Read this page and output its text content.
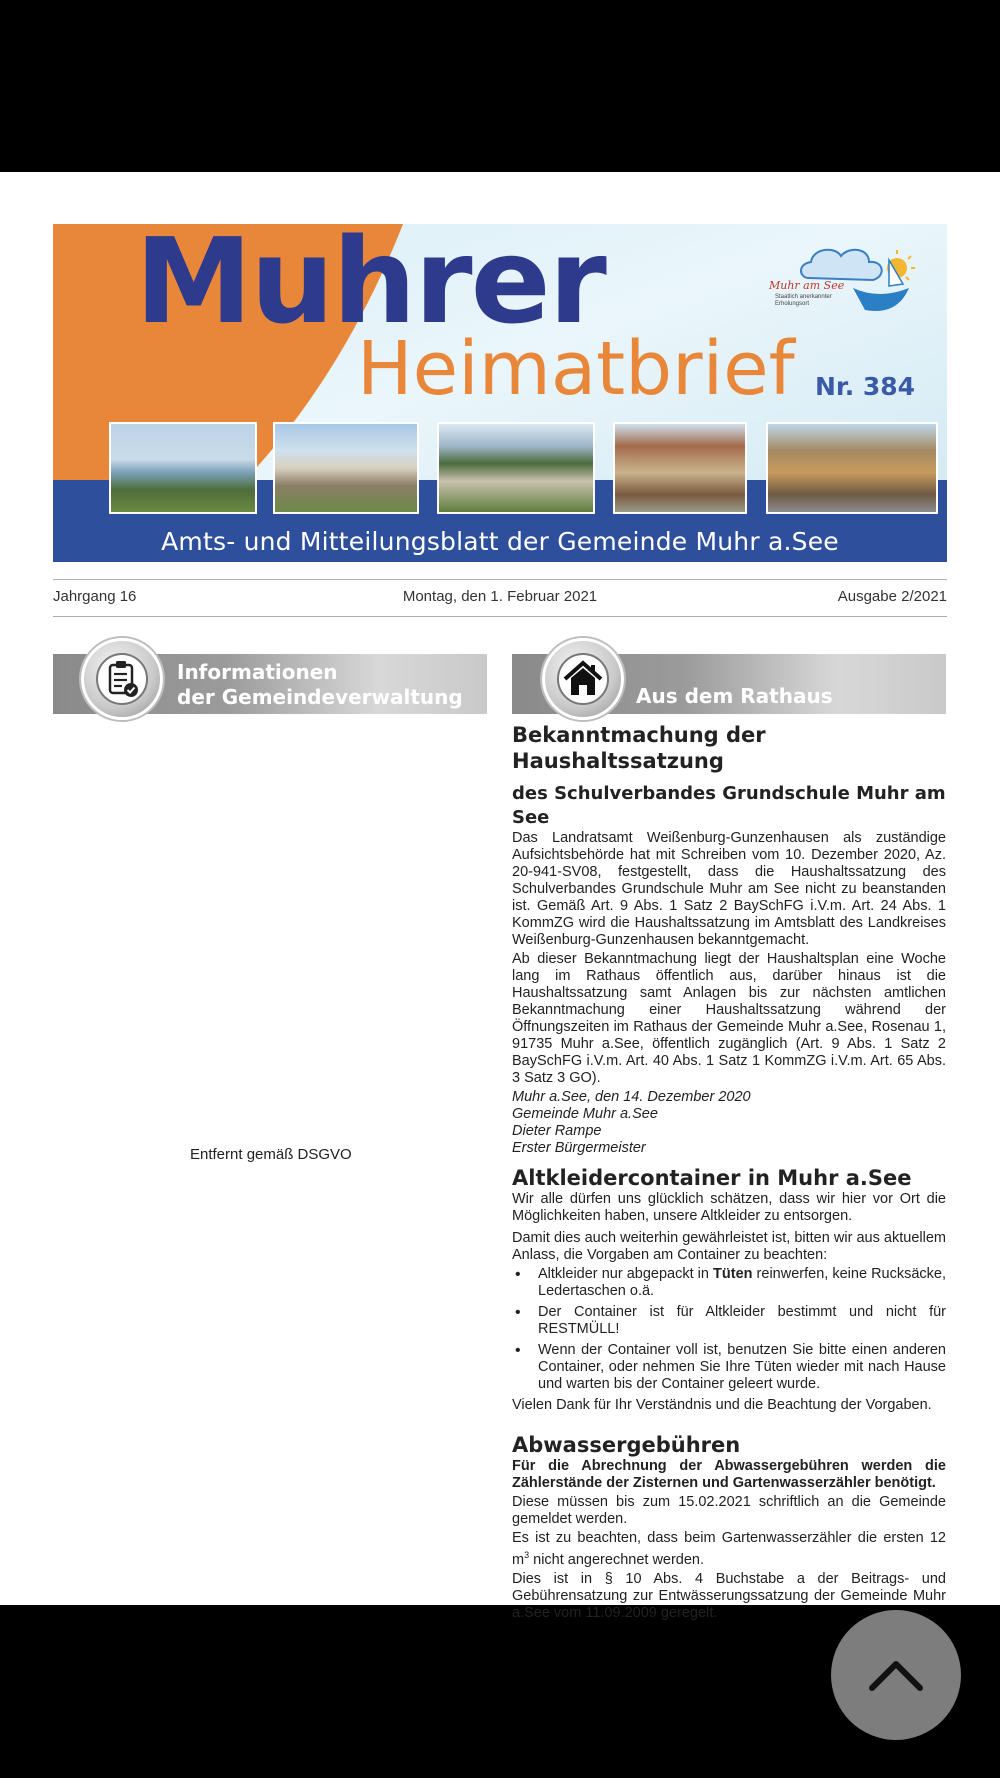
Muhrer
Heimatbrief Nr. 384
Muhr am See
Staatlich anerkannter Erholungsort
Amts- und Mitteilungsblatt der Gemeinde Muhr a.See
Jahrgang 16	Montag, den 1. Februar 2021	Ausgabe 2/2021
Informationen
der Gemeindeverwaltung	Aus dem Rathaus
Entfernt gemäß DSGVO
Bekanntmachung der Haushaltssatzung
des Schulverbandes Grundschule Muhr am See

Das Landratsamt Weißenburg-Gunzenhausen als zuständige Aufsichtsbehörde hat mit Schreiben vom 10. Dezember 2020, Az. 20-941-SV08, festgestellt, dass die Haushaltssatzung des Schulverbandes Grundschule Muhr am See nicht zu beanstanden ist. Gemäß Art. 9 Abs. 1 Satz 2 BaySchFG i.V.m. Art. 24 Abs. 1 KommZG wird die Haushaltssatzung im Amtsblatt des Landkreises Weißenburg-Gunzenhausen bekanntgemacht.

Ab dieser Bekanntmachung liegt der Haushaltsplan eine Woche lang im Rathaus öffentlich aus, darüber hinaus ist die Haushaltssatzung samt Anlagen bis zur nächsten amtlichen Bekanntmachung einer Haushaltssatzung während der Öffnungszeiten im Rathaus der Gemeinde Muhr a.See, Rosenau 1, 91735 Muhr a.See, öffentlich zugänglich (Art. 9 Abs. 1 Satz 2 BaySchFG i.V.m. Art. 40 Abs. 1 Satz 1 KommZG i.V.m. Art. 65 Abs. 3 Satz 3 GO).

Muhr a.See, den 14. Dezember 2020
Gemeinde Muhr a.See
Dieter Rampe
Erster Bürgermeister
Altkleidercontainer in Muhr a.See

Wir alle dürfen uns glücklich schätzen, dass wir hier vor Ort die Möglichkeiten haben, unsere Altkleider zu entsorgen.

Damit dies auch weiterhin gewährleistet ist, bitten wir aus aktuellem Anlass, die Vorgaben am Container zu beachten:

• Altkleider nur abgepackt in Tüten reinwerfen, keine Rucksäcke, Ledertaschen o.ä.
• Der Container ist für Altkleider bestimmt und nicht für RESTMÜLL!
• Wenn der Container voll ist, benutzen Sie bitte einen anderen Container, oder nehmen Sie Ihre Tüten wieder mit nach Hause und warten bis der Container geleert wurde.

Vielen Dank für Ihr Verständnis und die Beachtung der Vorgaben.

Abwassergebühren

Für die Abrechnung der Abwassergebühren werden die Zählerstände der Zisternen und Gartenwasserzähler benötigt.

Diese müssen bis zum 15.02.2021 schriftlich an die Gemeinde gemeldet werden.

Es ist zu beachten, dass beim Gartenwasserzähler die ersten 12 $m^3$ nicht angerechnet werden.

Dies ist in § 10 Abs. 4 Buchstabe a der Beitrags- und Gebührensatzung zur Entwässerungssatzung der Gemeinde Muhr a.See vom 11.09.2009 geregelt.
